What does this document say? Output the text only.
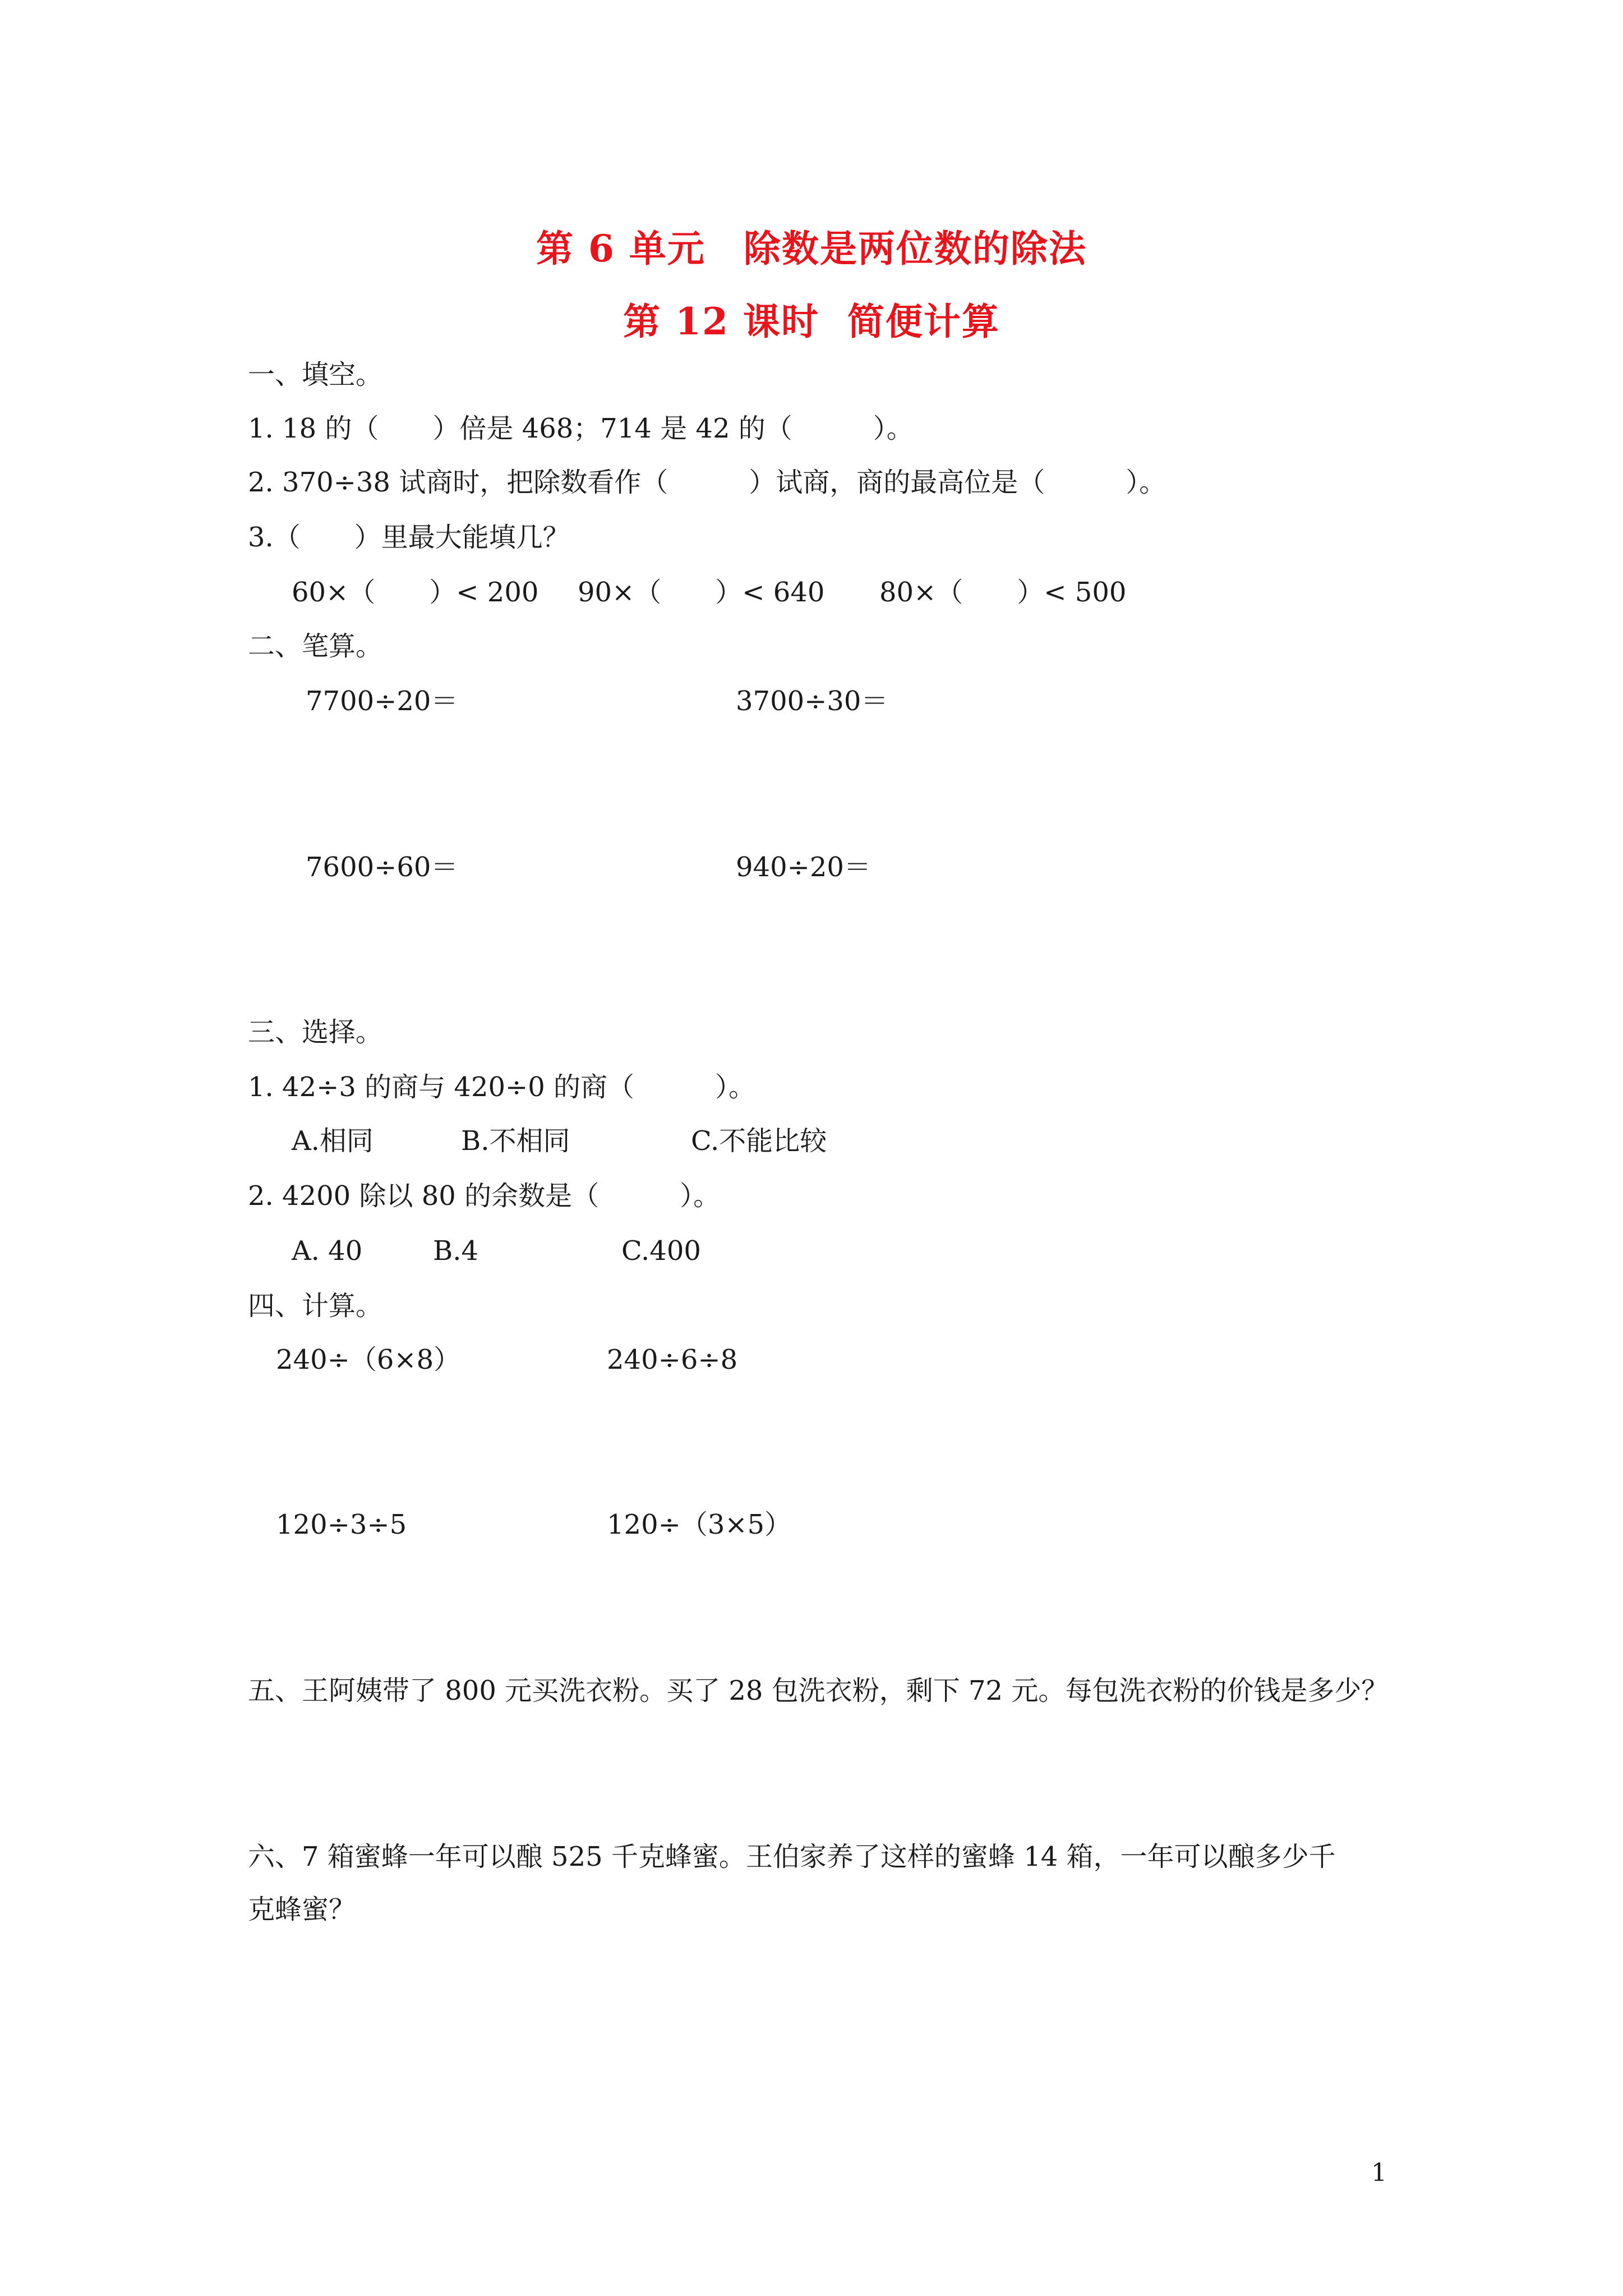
第 6 单元　除数是两位数的除法
第 12 课时  简便计算
一、填空。
1. 18 的（　　）倍是 468；714 是 42 的（　　　）。
2. 370÷38 试商时，把除数看作（　　　）试商，商的最高位是（　　　）。
3.（　　）里最大能填几？
60×（　　）< 200 90×（　　）< 640 80×（　　）< 500
二、笔算。
7700÷20＝	3700÷30＝
7600÷60＝	940÷20＝
三、选择。
1. 42÷3 的商与 420÷0 的商（　　　）。
A.相同	B.不相同	C.不能比较
2. 4200 除以 80 的余数是（　　　）。
A. 40	B.4	C.400
四、计算。
240÷（6×8）	240÷6÷8
120÷3÷5	120÷（3×5）
五、王阿姨带了 800 元买洗衣粉。买了 28 包洗衣粉，剩下 72 元。每包洗衣粉的价钱是多少？
六、7 箱蜜蜂一年可以酿 525 千克蜂蜜。王伯家养了这样的蜜蜂 14 箱，一年可以酿多少千
克蜂蜜？
1
